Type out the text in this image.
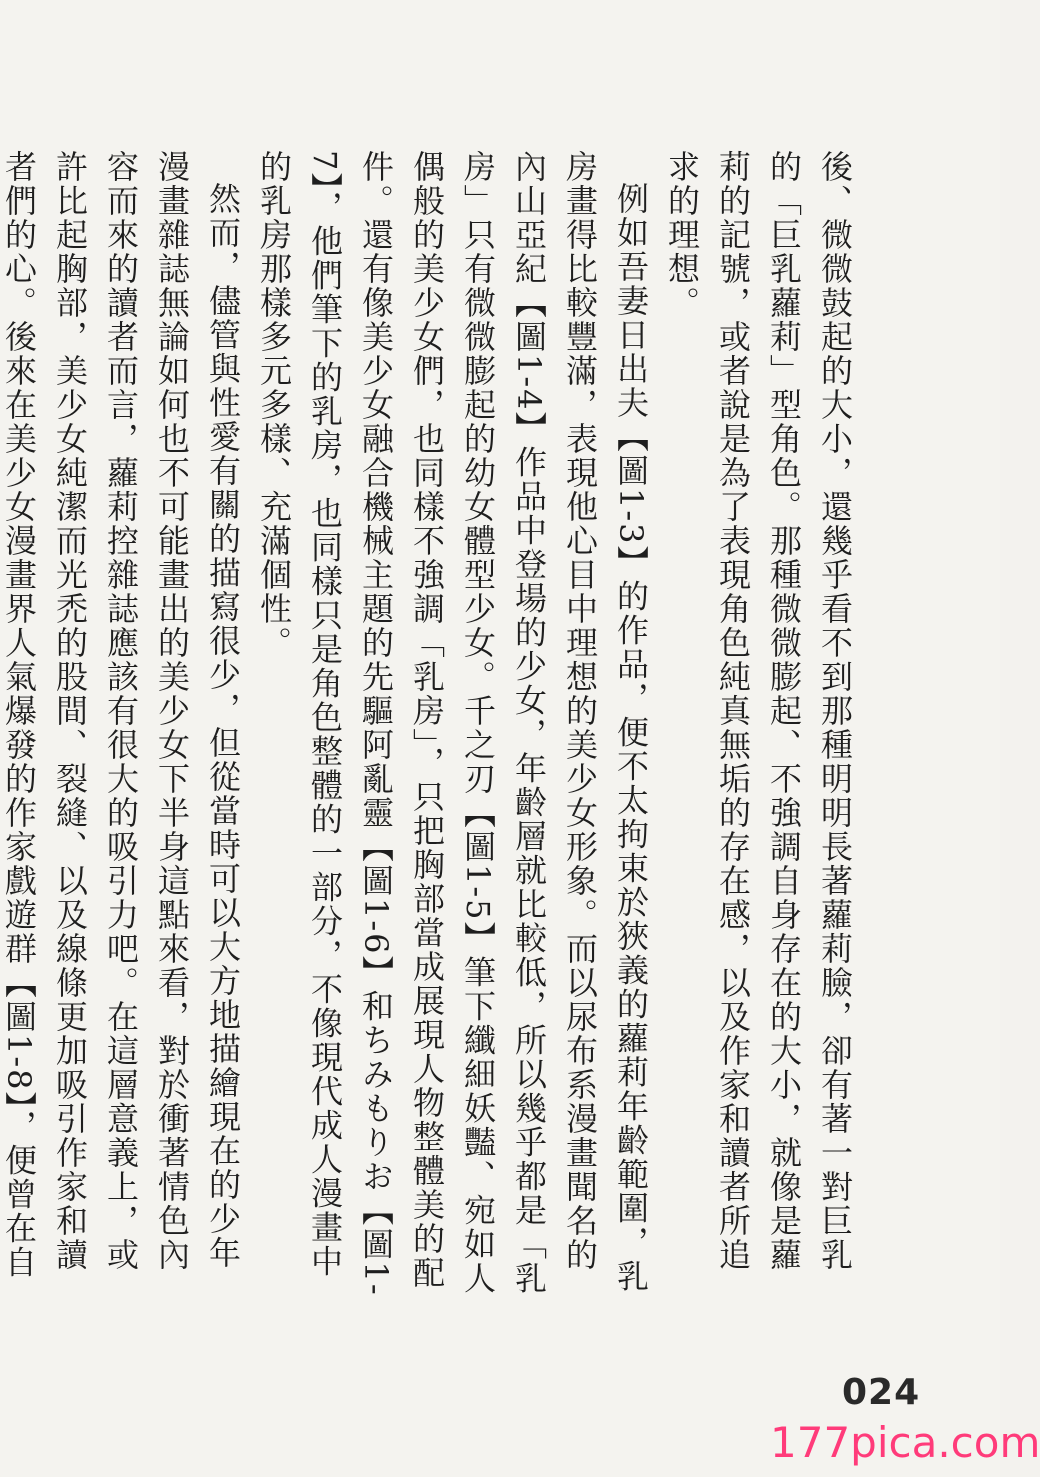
後、微微鼓起的大小，還幾乎看不到那種明明長著蘿莉臉，卻有著一對巨乳的「巨乳蘿莉」型角色。那種微微膨起、不強調自身存在的大小，就像是蘿莉的記號，或者說是為了表現角色純真無垢的存在感，以及作家和讀者所追求的理想。

例如吾妻日出夫【圖1-3】的作品，便不太拘束於狹義的蘿莉年齡範圍，乳房畫得比較豐滿，表現他心目中理想的美少女形象。而以尿布系漫畫聞名的內山亞紀【圖1-4】作品中登場的少女，年齡層就比較低，所以幾乎都是「乳房」只有微微膨起的幼女體型少女。千之刃【圖1-5】筆下纖細妖豔、宛如人偶般的美少女們，也同樣不強調「乳房」，只把胸部當成展現人物整體美的配件。還有像美少女融合機械主題的先驅阿亂靈【圖1-6】和ちみもりお【圖1-7】，他們筆下的乳房，也同樣只是角色整體的一部分，不像現代成人漫畫中的乳房那樣多元多樣、充滿個性。

然而，儘管與性愛有關的描寫很少，但從當時可以大方地描繪現在的少年漫畫雜誌無論如何也不可能畫出的美少女下半身這點來看，對於衝著情色內容而來的讀者而言，蘿莉控雜誌應該有很大的吸引力吧。在這層意義上，或許比起胸部，美少女純潔而光禿的股間、裂縫、以及線條更加吸引作家和讀者們的心。後來在美少女漫畫界人氣爆發的作家戲遊群【圖1-8】，便曾在自

024
177pica.com
